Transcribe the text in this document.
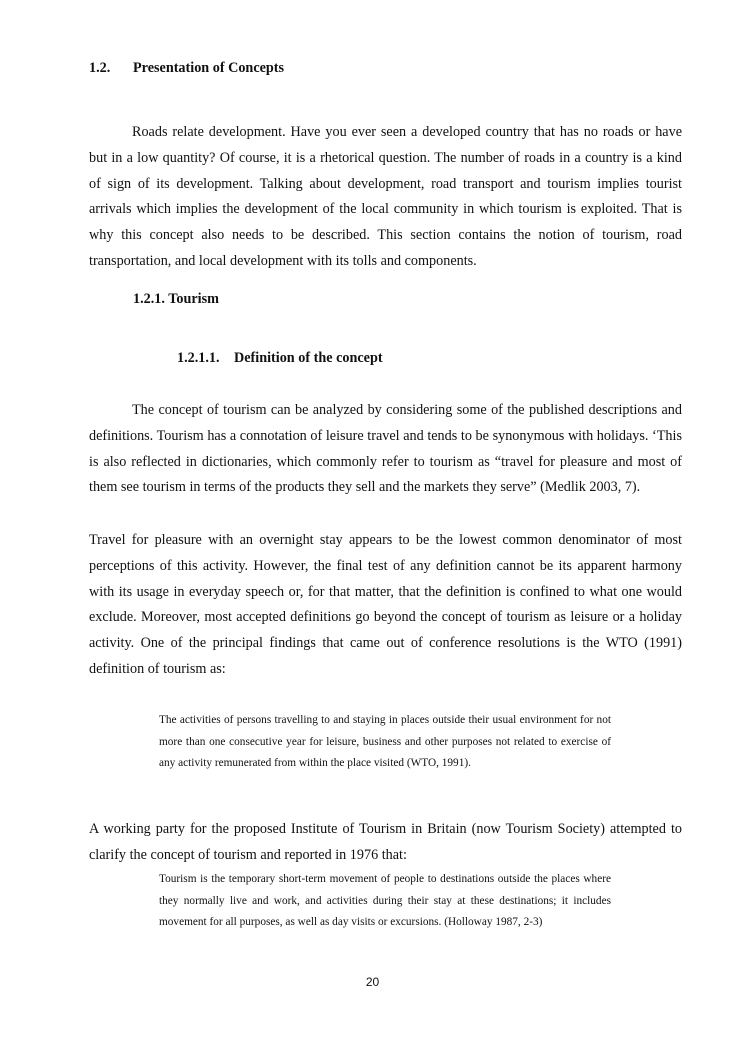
1.2. Presentation of Concepts

Roads relate development. Have you ever seen a developed country that has no roads or have but in a low quantity? Of course, it is a rhetorical question. The number of roads in a country is a kind of sign of its development. Talking about development, road transport and tourism implies tourist arrivals which implies the development of the local community in which tourism is exploited. That is why this concept also needs to be described. This section contains the notion of tourism, road transportation, and local development with its tolls and components.

1.2.1. Tourism
1.2.1.1. Definition of the concept

The concept of tourism can be analyzed by considering some of the published descriptions and definitions. Tourism has a connotation of leisure travel and tends to be synonymous with holidays. ‘This is also reflected in dictionaries, which commonly refer to tourism as “travel for pleasure and most of them see tourism in terms of the products they sell and the markets they serve” (Medlik 2003, 7).

Travel for pleasure with an overnight stay appears to be the lowest common denominator of most perceptions of this activity. However, the final test of any definition cannot be its apparent harmony with its usage in everyday speech or, for that matter, that the definition is confined to what one would exclude. Moreover, most accepted definitions go beyond the concept of tourism as leisure or a holiday activity. One of the principal findings that came out of conference resolutions is the WTO (1991) definition of tourism as:

The activities of persons travelling to and staying in places outside their usual environment for not more than one consecutive year for leisure, business and other purposes not related to exercise of any activity remunerated from within the place visited (WTO, 1991).

A working party for the proposed Institute of Tourism in Britain (now Tourism Society) attempted to clarify the concept of tourism and reported in 1976 that:

Tourism is the temporary short-term movement of people to destinations outside the places where they normally live and work, and activities during their stay at these destinations; it includes movement for all purposes, as well as day visits or excursions. (Holloway 1987, 2-3)

20
